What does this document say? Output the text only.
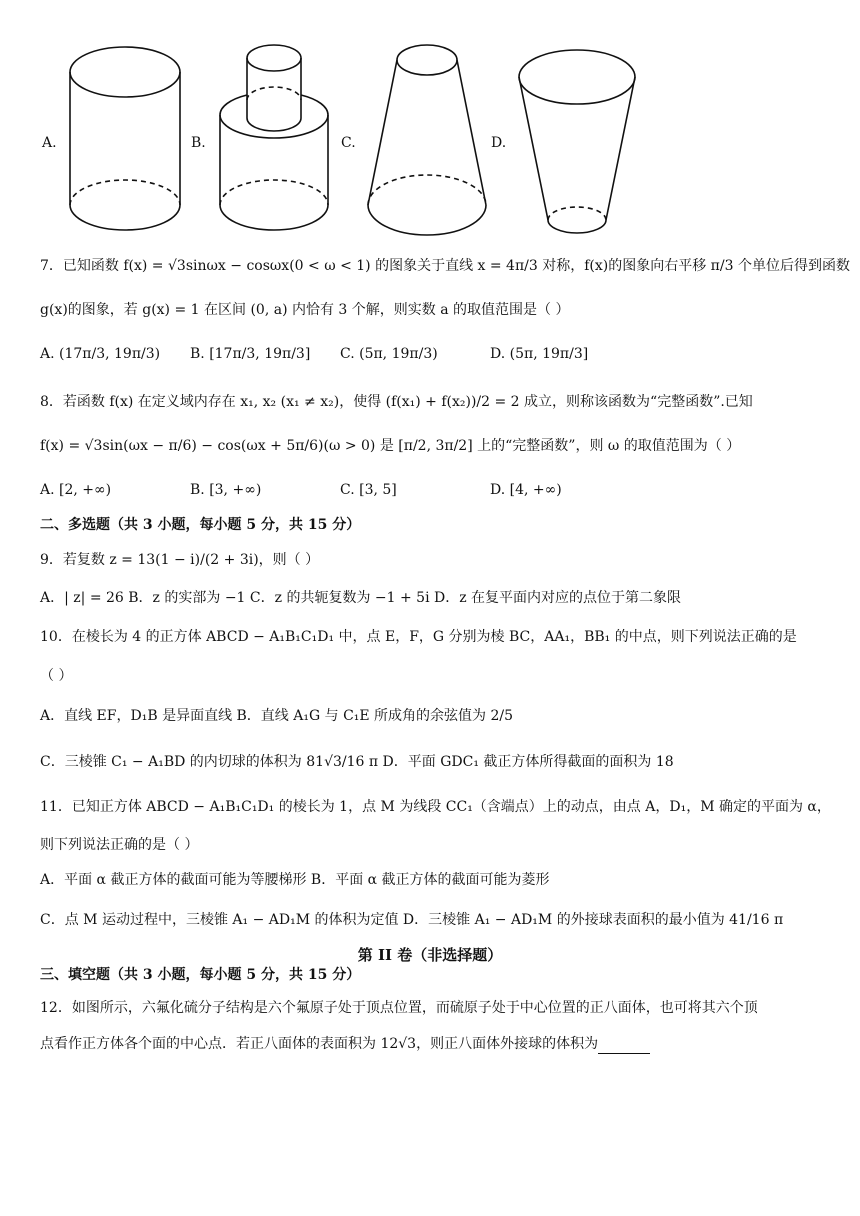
A.	B.	C.	D.
7．已知函数 f(x) = √3sinωx − cosωx(0 < ω < 1) 的图象关于直线 x = 4π/3 对称，f(x)的图象向右平移 π/3 个单位后得到函数
g(x)的图象，若 g(x) = 1 在区间 (0, a) 内恰有 3 个解，则实数 a 的取值范围是（ ）
A. (17π/3, 19π/3) B. [17π/3, 19π/3] C. (5π, 19π/3)	D. (5π, 19π/3]
8．若函数 f(x) 在定义域内存在 x₁, x₂ (x₁ ≠ x₂)，使得 (f(x₁) + f(x₂))/2 = 2 成立，则称该函数为“完整函数”.已知
f(x) = √3sin(ωx − π/6) − cos(ωx + 5π/6)(ω > 0) 是 [π/2, 3π/2] 上的“完整函数”，则 ω 的取值范围为（ ）
A. [2, +∞)	B. [3, +∞)	C. [3, 5]	D. [4, +∞)
二、多选题（共 3 小题，每小题 5 分，共 15 分）
9．若复数 z = 13(1 − i)/(2 + 3i)，则（ ）
A．| z| = 26 B．z 的实部为 −1 C．z 的共轭复数为 −1 + 5i D．z 在复平面内对应的点位于第二象限
10．在棱长为 4 的正方体 ABCD − A₁B₁C₁D₁ 中，点 E，F，G 分别为棱 BC，AA₁，BB₁ 的中点，则下列说法正确的是
（ ）
A．直线 EF，D₁B 是异面直线 B．直线 A₁G 与 C₁E 所成角的余弦值为 2/5
C．三棱锥 C₁ − A₁BD 的内切球的体积为 81√3/16 π D．平面 GDC₁ 截正方体所得截面的面积为 18
11．已知正方体 ABCD − A₁B₁C₁D₁ 的棱长为 1，点 M 为线段 CC₁（含端点）上的动点，由点 A，D₁，M 确定的平面为 α，
则下列说法正确的是（ ）
A．平面 α 截正方体的截面可能为等腰梯形 B．平面 α 截正方体的截面可能为菱形
C．点 M 运动过程中，三棱锥 A₁ − AD₁M 的体积为定值 D．三棱锥 A₁ − AD₁M 的外接球表面积的最小值为 41/16 π
第 II 卷（非选择题）
三、填空题（共 3 小题，每小题 5 分，共 15 分）
12．如图所示，六氟化硫分子结构是六个氟原子处于顶点位置，而硫原子处于中心位置的正八面体，也可将其六个顶
点看作正方体各个面的中心点．若正八面体的表面积为 12√3，则正八面体外接球的体积为
